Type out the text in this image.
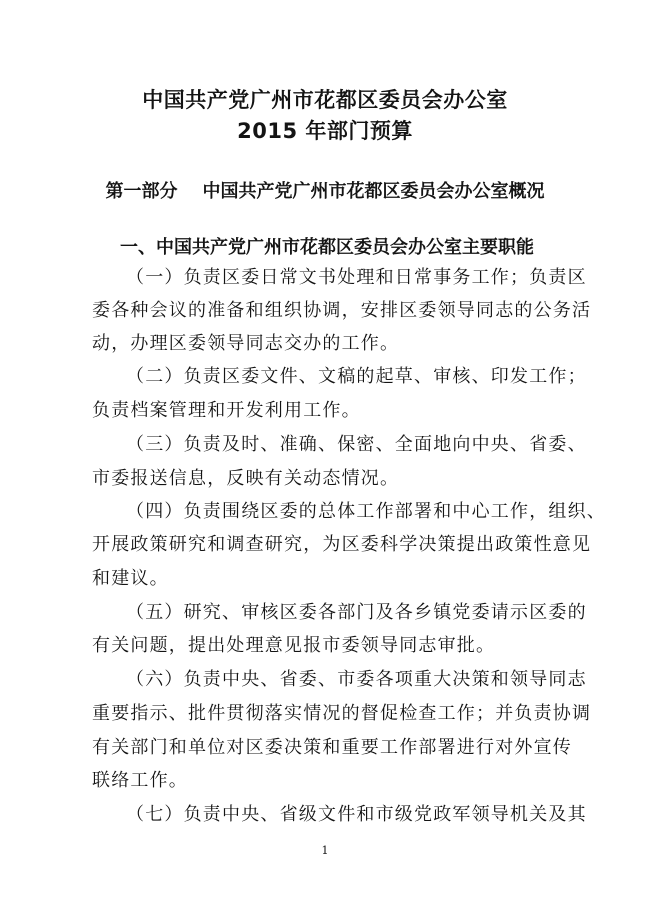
中国共产党广州市花都区委员会办公室
2015 年部门预算
第一部分    中国共产党广州市花都区委员会办公室概况
一、中国共产党广州市花都区委员会办公室主要职能
（一）负责区委日常文书处理和日常事务工作；负责区
委各种会议的准备和组织协调，安排区委领导同志的公务活
动，办理区委领导同志交办的工作。
（二）负责区委文件、文稿的起草、审核、印发工作；
负责档案管理和开发利用工作。
（三）负责及时、准确、保密、全面地向中央、省委、
市委报送信息，反映有关动态情况。
（四）负责围绕区委的总体工作部署和中心工作，组织、
开展政策研究和调查研究，为区委科学决策提出政策性意见
和建议。
（五）研究、审核区委各部门及各乡镇党委请示区委的
有关问题，提出处理意见报市委领导同志审批。
（六）负责中央、省委、市委各项重大决策和领导同志
重要指示、批件贯彻落实情况的督促检查工作；并负责协调
有关部门和单位对区委决策和重要工作部署进行对外宣传
联络工作。
（七）负责中央、省级文件和市级党政军领导机关及其
1
